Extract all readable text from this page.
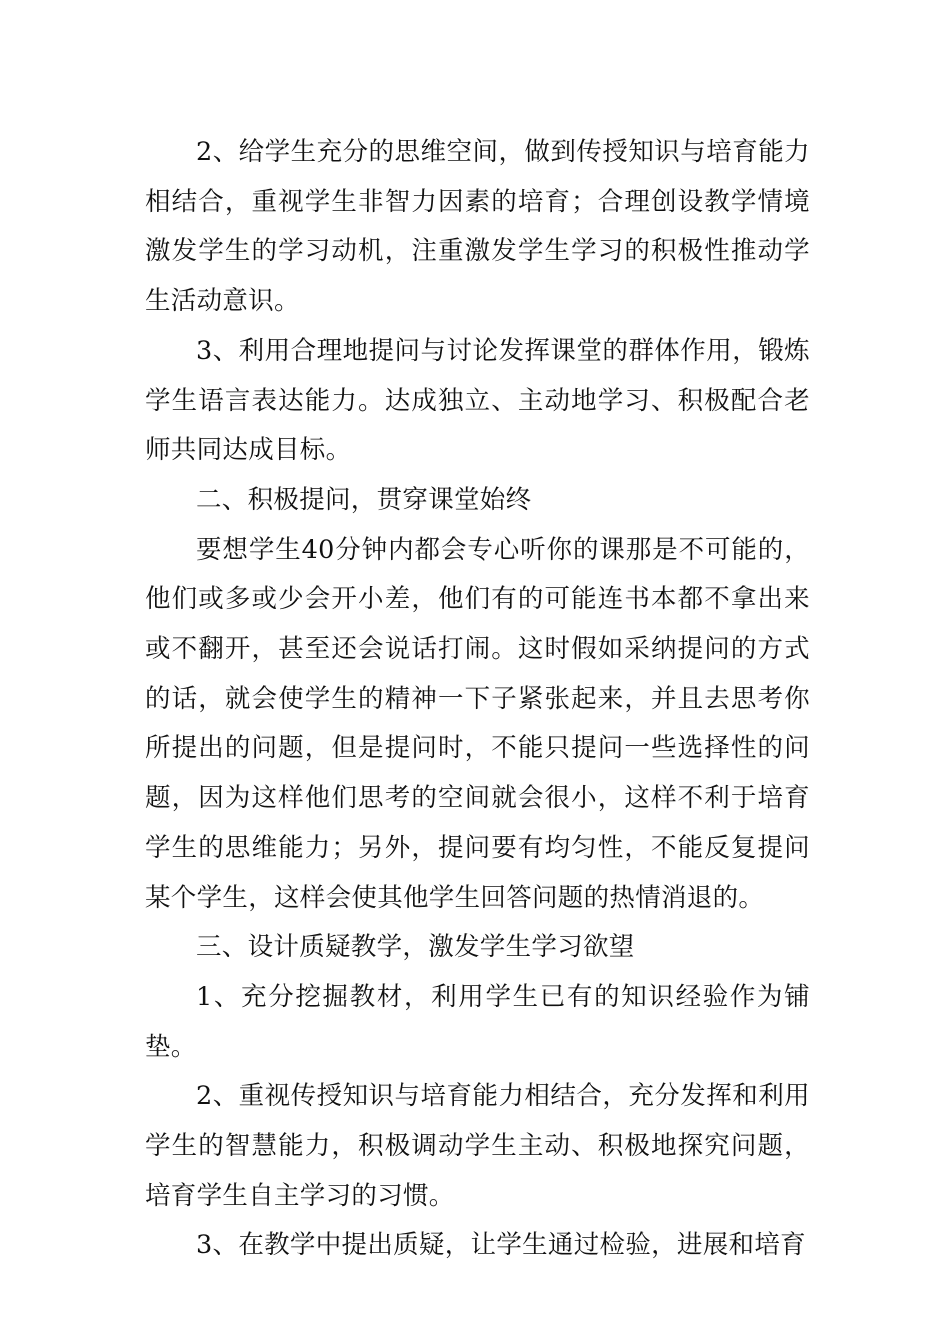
2、给学生充分的思维空间，做到传授知识与培育能力相结合，重视学生非智力因素的培育；合理创设教学情境激发学生的学习动机，注重激发学生学习的积极性推动学生活动意识。

3、利用合理地提问与讨论发挥课堂的群体作用，锻炼学生语言表达能力。达成独立、主动地学习、积极配合老师共同达成目标。

二、积极提问，贯穿课堂始终

要想学生40分钟内都会专心听你的课那是不可能的，他们或多或少会开小差，他们有的可能连书本都不拿出来或不翻开，甚至还会说话打闹。这时假如采纳提问的方式的话，就会使学生的精神一下子紧张起来，并且去思考你所提出的问题，但是提问时，不能只提问一些选择性的问题，因为这样他们思考的空间就会很小，这样不利于培育学生的思维能力；另外，提问要有均匀性，不能反复提问某个学生，这样会使其他学生回答问题的热情消退的。

三、设计质疑教学，激发学生学习欲望

1、充分挖掘教材，利用学生已有的知识经验作为铺垫。

2、重视传授知识与培育能力相结合，充分发挥和利用学生的智慧能力，积极调动学生主动、积极地探究问题，培育学生自主学习的习惯。

3、在教学中提出质疑，让学生通过检验，进展和培育
